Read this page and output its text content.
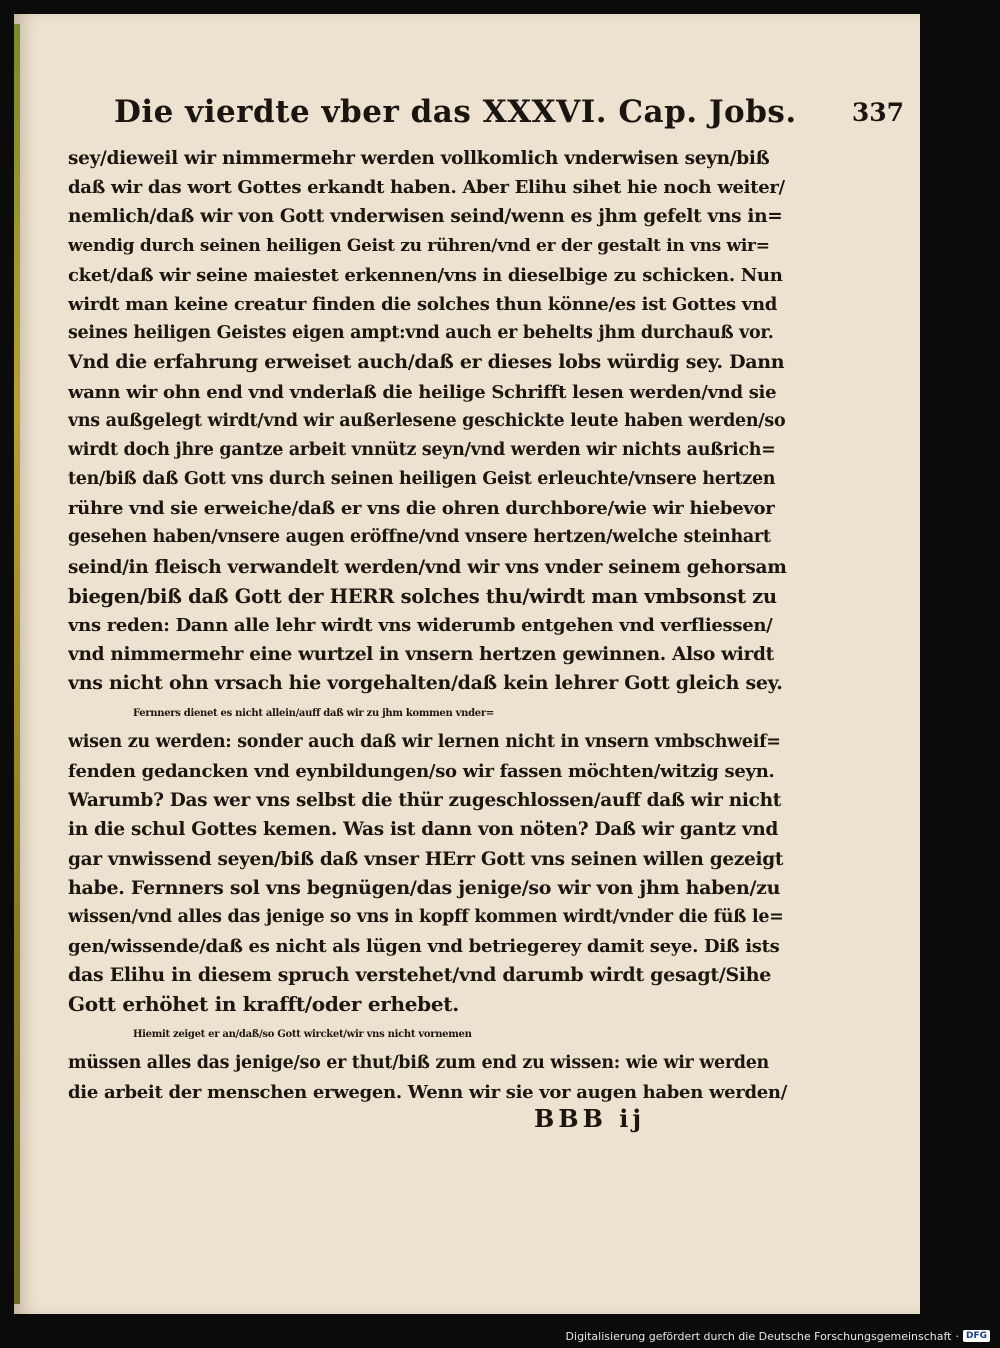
Die vierdte vber das XXXVI. Cap. Jobs. 337
sey/dieweil wir nimmermehr werden vollkomlich vnderwisen seyn/biß
daß wir das wort Gottes erkandt haben. Aber Elihu sihet hie noch weiter/
nemlich/daß wir von Gott vnderwisen seind/wenn es jhm gefelt vns in=
wendig durch seinen heiligen Geist zu rühren/vnd er der gestalt in vns wir=
cket/daß wir seine maiestet erkennen/vns in dieselbige zu schicken. Nun
wirdt man keine creatur finden die solches thun könne/es ist Gottes vnd
seines heiligen Geistes eigen ampt:vnd auch er behelts jhm durchauß vor.
Vnd die erfahrung erweiset auch/daß er dieses lobs würdig sey. Dann
wann wir ohn end vnd vnderlaß die heilige Schrifft lesen werden/vnd sie
vns außgelegt wirdt/vnd wir außerlesene geschickte leute haben werden/so
wirdt doch jhre gantze arbeit vnnütz seyn/vnd werden wir nichts außrich=
ten/biß daß Gott vns durch seinen heiligen Geist erleuchte/vnsere hertzen
rühre vnd sie erweiche/daß er vns die ohren durchbore/wie wir hiebevor
gesehen haben/vnsere augen eröffne/vnd vnsere hertzen/welche steinhart
seind/in fleisch verwandelt werden/vnd wir vns vnder seinem gehorsam
biegen/biß daß Gott der HERR solches thu/wirdt man vmbsonst zu
vns reden: Dann alle lehr wirdt vns widerumb entgehen vnd verfliessen/
vnd nimmermehr eine wurtzel in vnsern hertzen gewinnen. Also wirdt
vns nicht ohn vrsach hie vorgehalten/daß kein lehrer Gott gleich sey.
Fernners dienet es nicht allein/auff daß wir zu jhm kommen vnder=
wisen zu werden: sonder auch daß wir lernen nicht in vnsern vmbschweif=
fenden gedancken vnd eynbildungen/so wir fassen möchten/witzig seyn.
Warumb? Das wer vns selbst die thür zugeschlossen/auff daß wir nicht
in die schul Gottes kemen. Was ist dann von nöten? Daß wir gantz vnd
gar vnwissend seyen/biß daß vnser HErr Gott vns seinen willen gezeigt
habe. Fernners sol vns begnügen/das jenige/so wir von jhm haben/zu
wissen/vnd alles das jenige so vns in kopff kommen wirdt/vnder die füß le=
gen/wissende/daß es nicht als lügen vnd betriegerey damit seye. Diß ists
das Elihu in diesem spruch verstehet/vnd darumb wirdt gesagt/Sihe
Gott erhöhet in krafft/oder erhebet.
Hiemit zeiget er an/daß/so Gott wircket/wir vns nicht vornemen
müssen alles das jenige/so er thut/biß zum end zu wissen: wie wir werden
die arbeit der menschen erwegen. Wenn wir sie vor augen haben werden/
BBB ij
Digitalisierung gefördert durch die Deutsche Forschungsgemeinschaft · DFG
